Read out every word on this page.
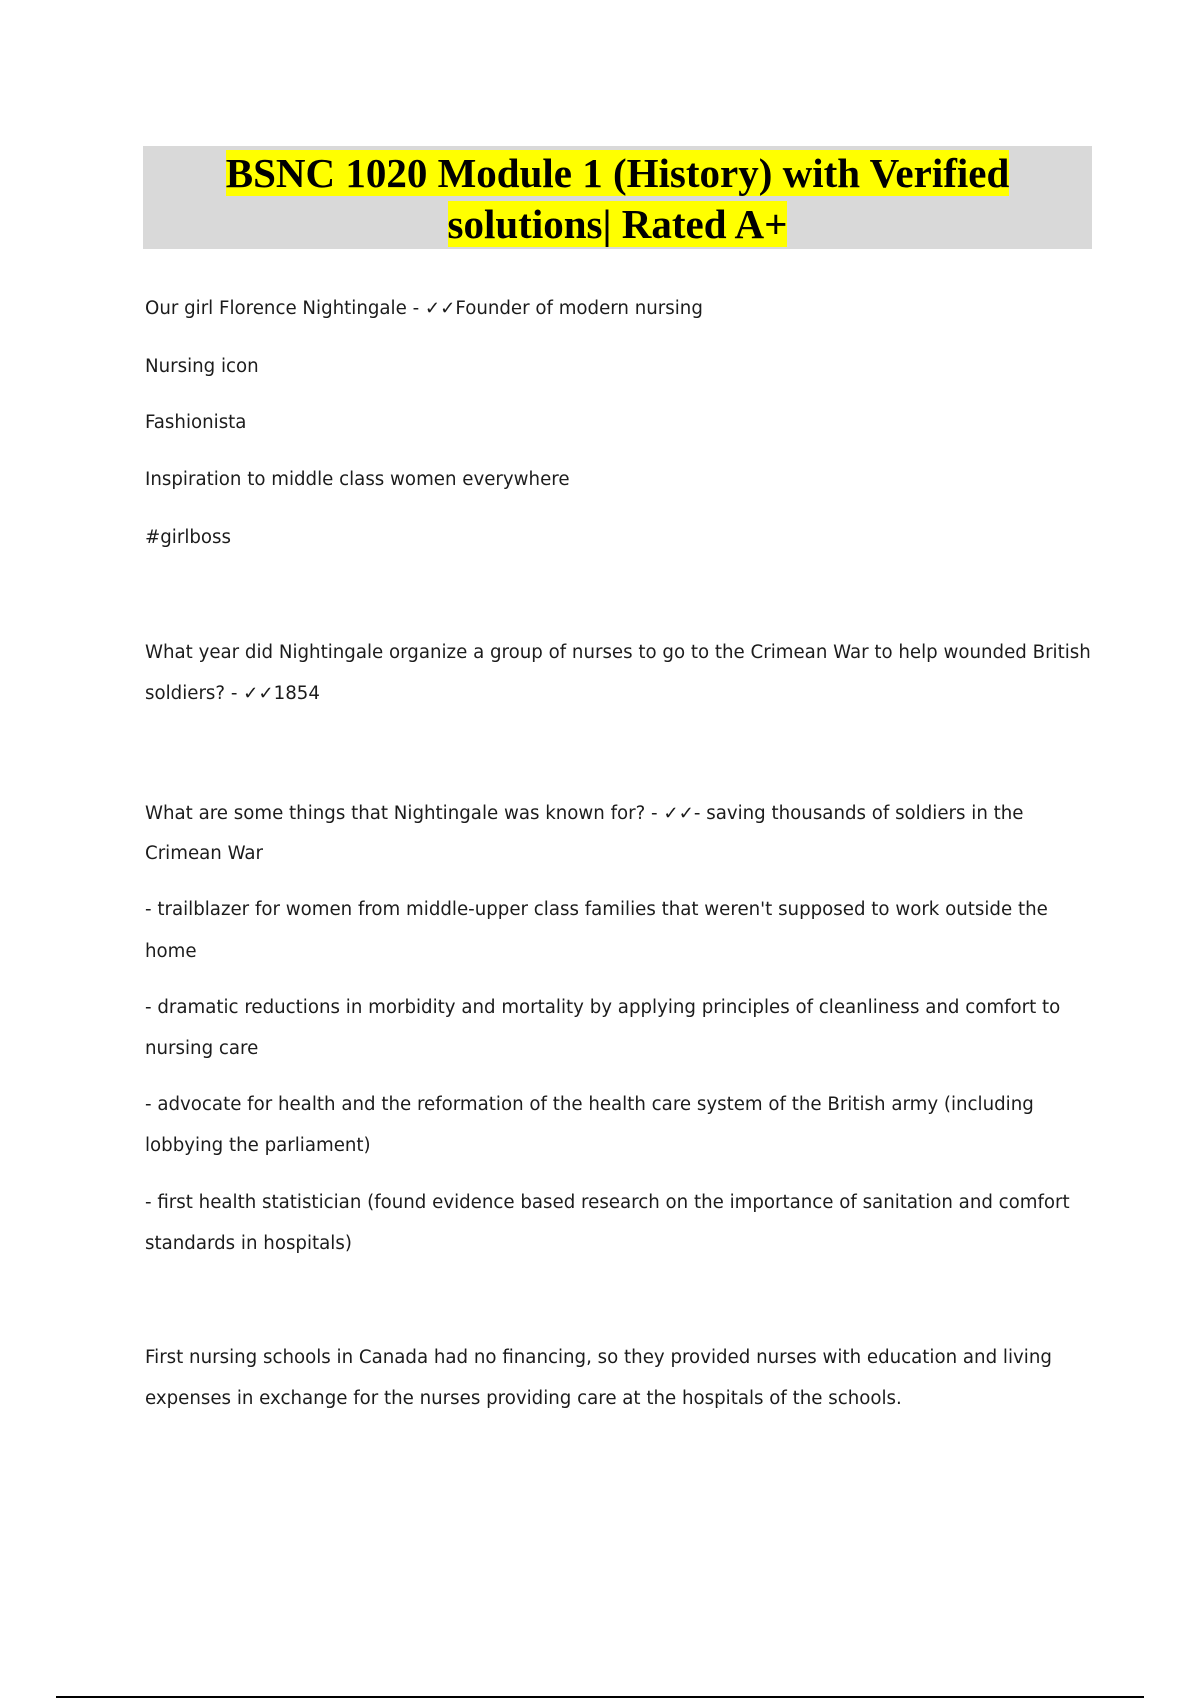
BSNC 1020 Module 1 (History) with Verified
solutions| Rated A+
Our girl Florence Nightingale - ✓✓Founder of modern nursing
Nursing icon
Fashionista
Inspiration to middle class women everywhere
#girlboss
What year did Nightingale organize a group of nurses to go to the Crimean War to help wounded British
soldiers? - ✓✓1854
What are some things that Nightingale was known for? - ✓✓- saving thousands of soldiers in the
Crimean War
- trailblazer for women from middle-upper class families that weren't supposed to work outside the
home
- dramatic reductions in morbidity and mortality by applying principles of cleanliness and comfort to
nursing care
- advocate for health and the reformation of the health care system of the British army (including
lobbying the parliament)
- first health statistician (found evidence based research on the importance of sanitation and comfort
standards in hospitals)
First nursing schools in Canada had no financing, so they provided nurses with education and living
expenses in exchange for the nurses providing care at the hospitals of the schools.
